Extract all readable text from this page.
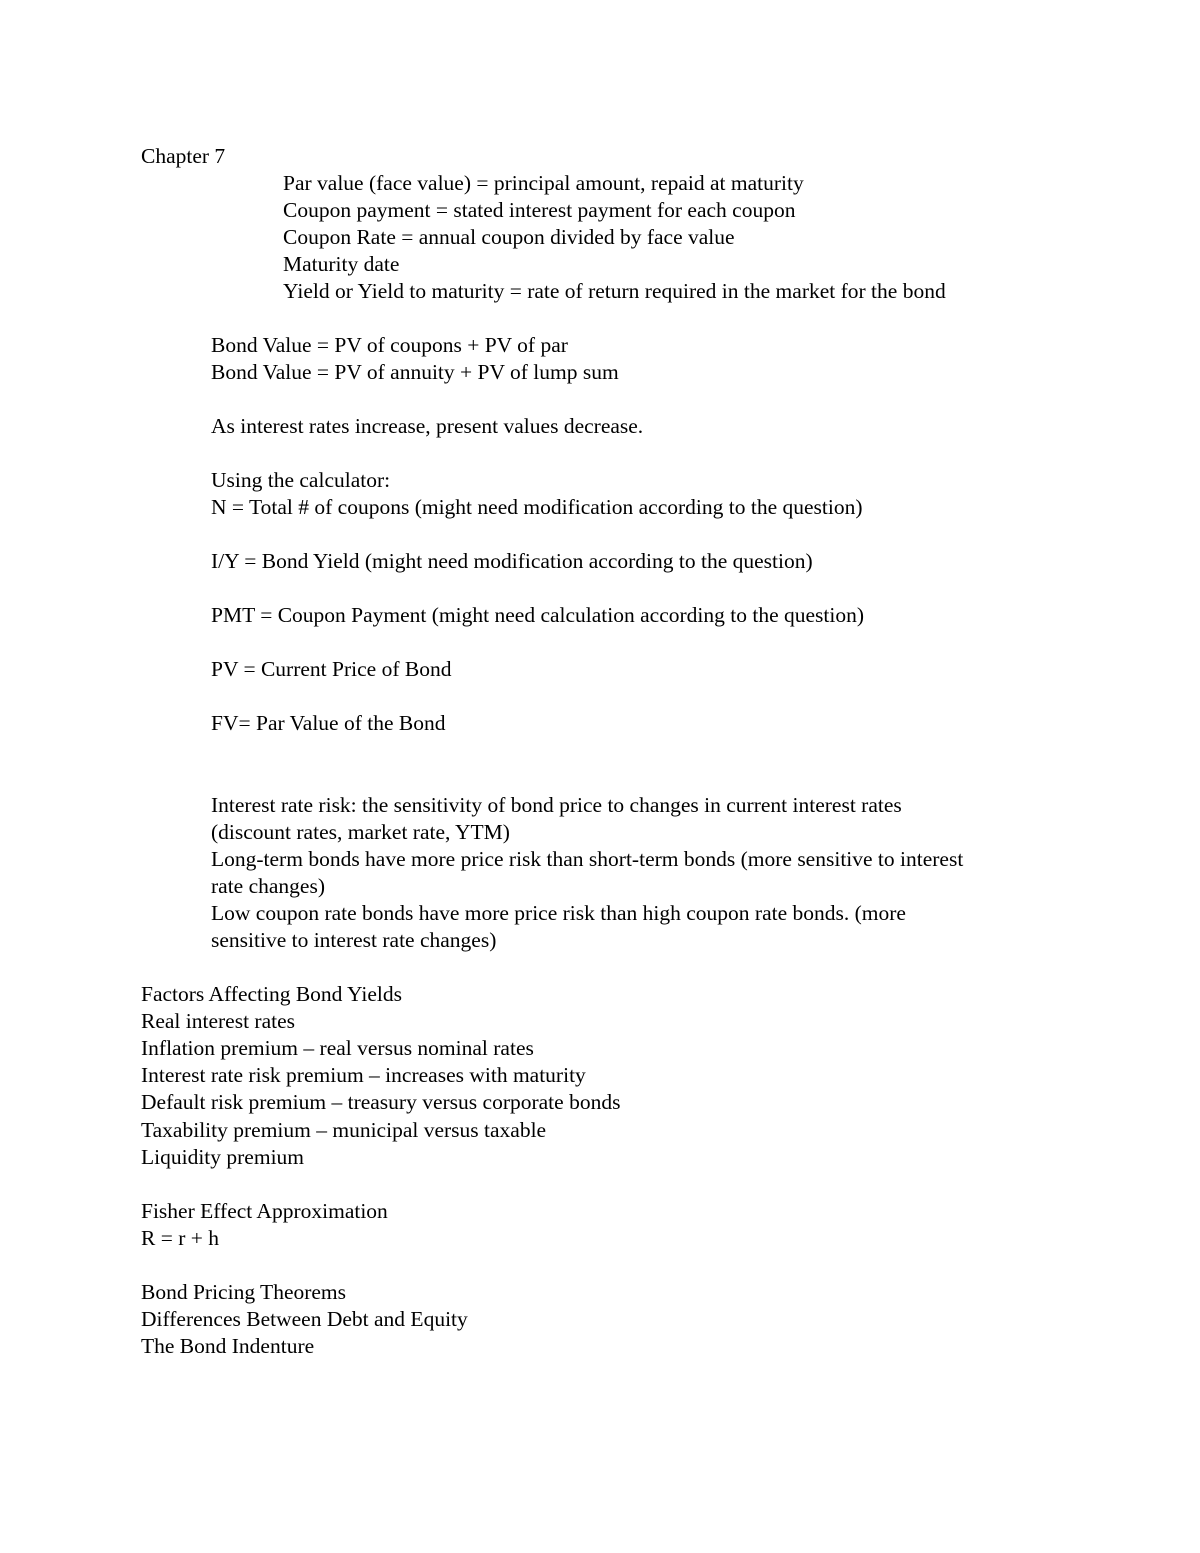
Chapter 7
Par value (face value) = principal amount, repaid at maturity
Coupon payment = stated interest payment for each coupon
Coupon Rate = annual coupon divided by face value
Maturity date
Yield or Yield to maturity = rate of return required in the market for the bond
Bond Value = PV of coupons + PV of par
Bond Value = PV of annuity + PV of lump sum
As interest rates increase, present values decrease.
Using the calculator:
N = Total # of coupons (might need modification according to the question)
I/Y = Bond Yield (might need modification according to the question)
PMT = Coupon Payment (might need calculation according to the question)
PV = Current Price of Bond
FV= Par Value of the Bond
Interest rate risk: the sensitivity of bond price to changes in current interest rates
(discount rates, market rate, YTM)
Long-term bonds have more price risk than short-term bonds (more sensitive to interest
rate changes)
Low coupon rate bonds have more price risk than high coupon rate bonds. (more
sensitive to interest rate changes)
Factors Affecting Bond Yields
Real interest rates
Inflation premium – real versus nominal rates
Interest rate risk premium – increases with maturity
Default risk premium – treasury versus corporate bonds
Taxability premium – municipal versus taxable
Liquidity premium
Fisher Effect Approximation
R = r + h
Bond Pricing Theorems
Differences Between Debt and Equity
The Bond Indenture
